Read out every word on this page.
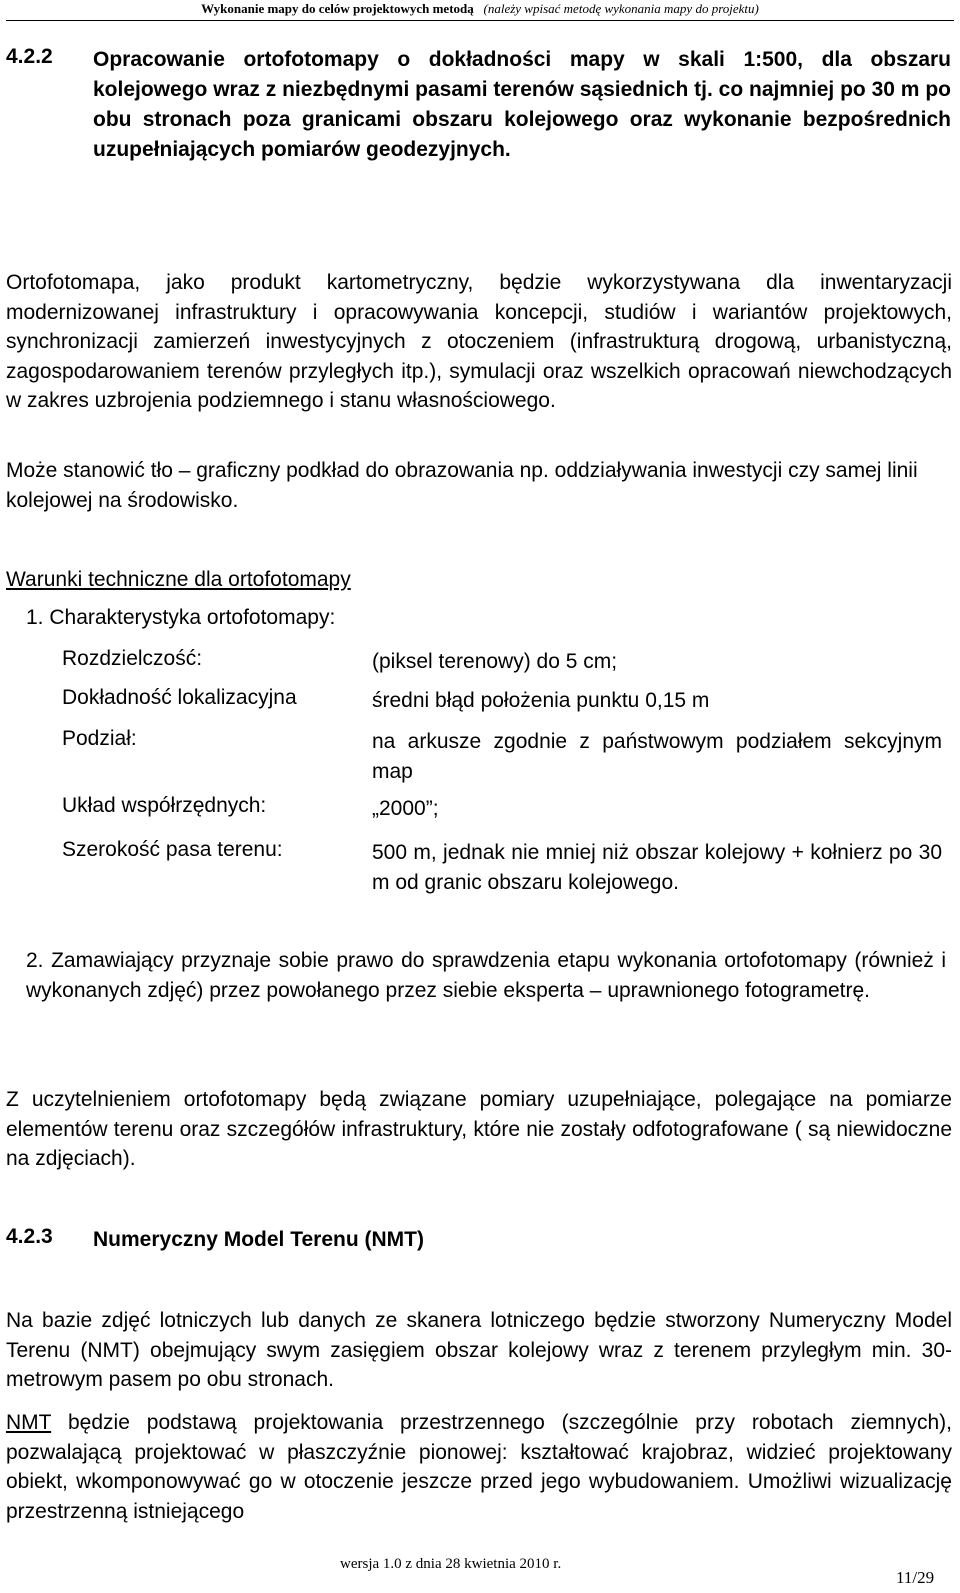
Wykonanie mapy do celów projektowych metodą (należy wpisać metodę wykonania mapy do projektu)
4.2.2 Opracowanie ortofotomapy o dokładności mapy w skali 1:500, dla obszaru kolejowego wraz z niezbędnymi pasami terenów sąsiednich tj. co najmniej po 30 m po obu stronach poza granicami obszaru kolejowego oraz wykonanie bezpośrednich uzupełniających pomiarów geodezyjnych.
Ortofotomapa, jako produkt kartometryczny, będzie wykorzystywana dla inwentaryzacji modernizowanej infrastruktury i opracowywania koncepcji, studiów i wariantów projektowych, synchronizacji zamierzeń inwestycyjnych z otoczeniem (infrastrukturą drogową, urbanistyczną, zagospodarowaniem terenów przyległych itp.), symulacji oraz wszelkich opracowań niewchodzących w zakres uzbrojenia podziemnego i stanu własnościowego.
Może stanowić tło – graficzny podkład do obrazowania np. oddziaływania inwestycji czy samej linii kolejowej na środowisko.
Warunki techniczne dla ortofotomapy
1. Charakterystyka ortofotomapy:
Rozdzielczość:	(piksel terenowy) do 5 cm;
Dokładność lokalizacyjna	średni błąd położenia punktu 0,15 m
Podział:	na arkusze zgodnie z państwowym podziałem sekcyjnym map
Układ współrzędnych:	„2000”;
Szerokość pasa terenu:	500 m, jednak nie mniej niż obszar kolejowy + kołnierz po 30 m od granic obszaru kolejowego.
2. Zamawiający przyznaje sobie prawo do sprawdzenia etapu wykonania ortofotomapy (również i wykonanych zdjęć) przez powołanego przez siebie eksperta – uprawnionego fotogrametrę.
Z uczytelnieniem ortofotomapy będą związane pomiary uzupełniające, polegające na pomiarze elementów terenu oraz szczegółów infrastruktury, które nie zostały odfotografowane ( są niewidoczne na zdjęciach).
4.2.3 Numeryczny Model Terenu (NMT)
Na bazie zdjęć lotniczych lub danych ze skanera lotniczego będzie stworzony Numeryczny Model Terenu (NMT) obejmujący swym zasięgiem obszar kolejowy wraz z terenem przyległym min. 30-metrowym pasem po obu stronach.
NMT będzie podstawą projektowania przestrzennego (szczególnie przy robotach ziemnych), pozwalającą projektować w płaszczyźnie pionowej: kształtować krajobraz, widzieć projektowany obiekt, wkomponowywać go w otoczenie jeszcze przed jego wybudowaniem. Umożliwi wizualizację przestrzenną istniejącego
wersja 1.0 z dnia 28 kwietnia 2010 r.
11/29
